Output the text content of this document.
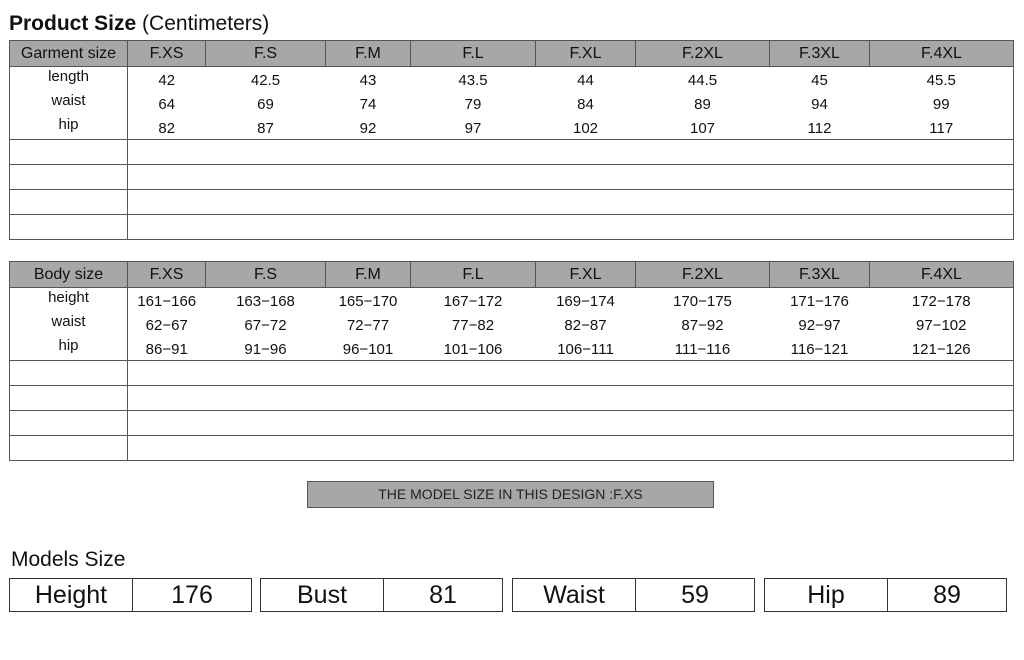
Product Size (Centimeters)
Garment size	F.XS	F.S	F.M	F.L	F.XL	F.2XL	F.3XL	F.4XL
length	42	42.5	43	43.5	44	44.5	45	45.5
waist	64	69	74	79	84	89	94	99
hip	82	87	92	97	102	107	112	117

Body size	F.XS	F.S	F.M	F.L	F.XL	F.2XL	F.3XL	F.4XL
height	161−166	163−168	165−170	167−172	169−174	170−175	171−176	172−178
waist	62−67	67−72	72−77	77−82	82−87	87−92	92−97	97−102
hip	86−91	91−96	96−101	101−106	106−111	111−116	116−121	121−126

THE MODEL SIZE IN THIS DESIGN :F.XS
Models Size
Height	176	Bust	81	Waist	59	Hip	89
